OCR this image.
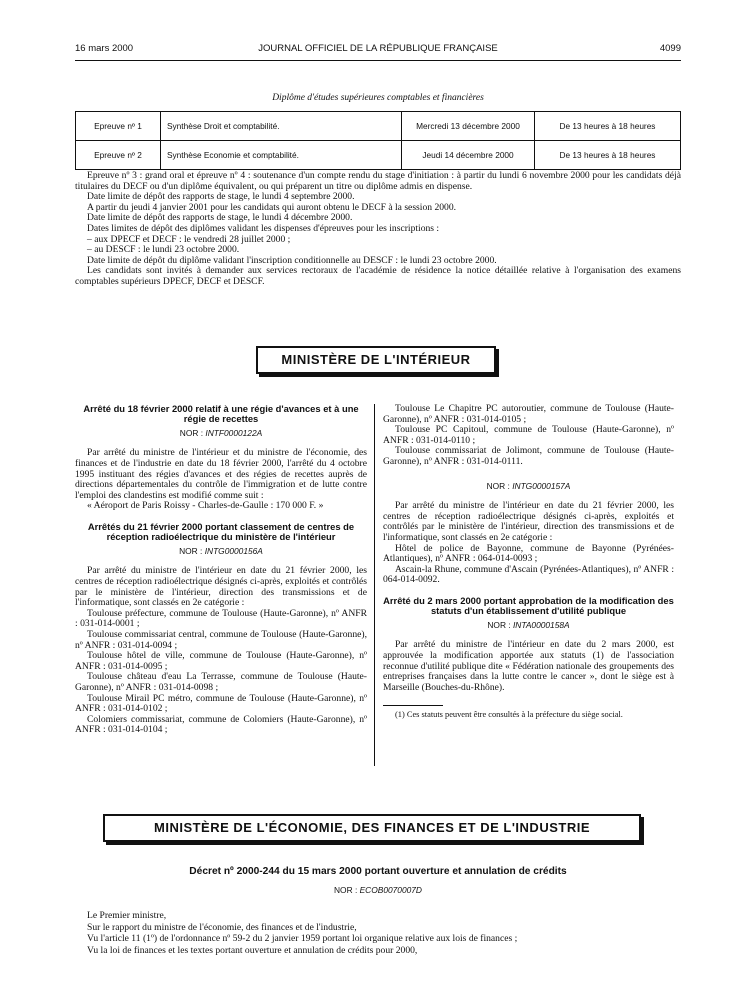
16 mars 2000	JOURNAL OFFICIEL DE LA RÉPUBLIQUE FRANÇAISE	4099
Diplôme d'études supérieures comptables et financières
Epreuve nº 1	Synthèse Droit et comptabilité.	Mercredi 13 décembre 2000	De 13 heures à 18 heures
Epreuve nº 2	Synthèse Economie et comptabilité.	Jeudi 14 décembre 2000	De 13 heures à 18 heures

Epreuve nº 3 : grand oral et épreuve nº 4 : soutenance d'un compte rendu du stage d'initiation : à partir du lundi 6 novembre 2000 pour les candidats déjà titulaires du DECF ou d'un diplôme équivalent, ou qui préparent un titre ou diplôme admis en dispense.

Date limite de dépôt des rapports de stage, le lundi 4 septembre 2000.

A partir du jeudi 4 janvier 2001 pour les candidats qui auront obtenu le DECF à la session 2000.

Date limite de dépôt des rapports de stage, le lundi 4 décembre 2000.

Dates limites de dépôt des diplômes validant les dispenses d'épreuves pour les inscriptions :

– aux DPECF et DECF : le vendredi 28 juillet 2000 ;

– au DESCF : le lundi 23 octobre 2000.

Date limite de dépôt du diplôme validant l'inscription conditionnelle au DESCF : le lundi 23 octobre 2000.

Les candidats sont invités à demander aux services rectoraux de l'académie de résidence la notice détaillée relative à l'organisation des examens comptables supérieurs DPECF, DECF et DESCF.

MINISTÈRE DE L'INTÉRIEUR
Arrêté du 18 février 2000 relatif à une régie d'avances et à une régie de recettes
NOR : INTF0000122A

Par arrêté du ministre de l'intérieur et du ministre de l'économie, des finances et de l'industrie en date du 18 février 2000, l'arrêté du 4 octobre 1995 instituant des régies d'avances et des régies de recettes auprès de directions départementales du contrôle de l'immigration et de lutte contre l'emploi des clandestins est modifié comme suit :

« Aéroport de Paris Roissy - Charles-de-Gaulle : 170 000 F. »

Arrêtés du 21 février 2000 portant classement de centres de réception radioélectrique du ministère de l'intérieur
NOR : INTG0000156A

Par arrêté du ministre de l'intérieur en date du 21 février 2000, les centres de réception radioélectrique désignés ci-après, exploités et contrôlés par le ministère de l'intérieur, direction des transmissions et de l'informatique, sont classés en 2e catégorie :

Toulouse préfecture, commune de Toulouse (Haute-Garonne), nº ANFR : 031-014-0001 ;

Toulouse commissariat central, commune de Toulouse (Haute-Garonne), nº ANFR : 031-014-0094 ;

Toulouse hôtel de ville, commune de Toulouse (Haute-Garonne), nº ANFR : 031-014-0095 ;

Toulouse château d'eau La Terrasse, commune de Toulouse (Haute-Garonne), nº ANFR : 031-014-0098 ;

Toulouse Mirail PC métro, commune de Toulouse (Haute-Garonne), nº ANFR : 031-014-0102 ;

Colomiers commissariat, commune de Colomiers (Haute-Garonne), nº ANFR : 031-014-0104 ;

Toulouse Le Chapitre PC autoroutier, commune de Toulouse (Haute-Garonne), nº ANFR : 031-014-0105 ;

Toulouse PC Capitoul, commune de Toulouse (Haute-Garonne), nº ANFR : 031-014-0110 ;

Toulouse commissariat de Jolimont, commune de Toulouse (Haute-Garonne), nº ANFR : 031-014-0111.

NOR : INTG0000157A

Par arrêté du ministre de l'intérieur en date du 21 février 2000, les centres de réception radioélectrique désignés ci-après, exploités et contrôlés par le ministère de l'intérieur, direction des transmissions et de l'informatique, sont classés en 2e catégorie :

Hôtel de police de Bayonne, commune de Bayonne (Pyrénées-Atlantiques), nº ANFR : 064-014-0093 ;

Ascain-la Rhune, commune d'Ascain (Pyrénées-Atlantiques), nº ANFR : 064-014-0092.

Arrêté du 2 mars 2000 portant approbation de la modification des statuts d'un établissement d'utilité publique
NOR : INTA0000158A

Par arrêté du ministre de l'intérieur en date du 2 mars 2000, est approuvée la modification apportée aux statuts (1) de l'association reconnue d'utilité publique dite « Fédération nationale des groupements des entreprises françaises dans la lutte contre le cancer », dont le siège est à Marseille (Bouches-du-Rhône).

(1) Ces statuts peuvent être consultés à la préfecture du siège social.

MINISTÈRE DE L'ÉCONOMIE, DES FINANCES ET DE L'INDUSTRIE
Décret nº 2000-244 du 15 mars 2000 portant ouverture et annulation de crédits
NOR : ECOB0070007D

Le Premier ministre,

Sur le rapport du ministre de l'économie, des finances et de l'industrie,

Vu l'article 11 (1º) de l'ordonnance nº 59-2 du 2 janvier 1959 portant loi organique relative aux lois de finances ;

Vu la loi de finances et les textes portant ouverture et annulation de crédits pour 2000,
